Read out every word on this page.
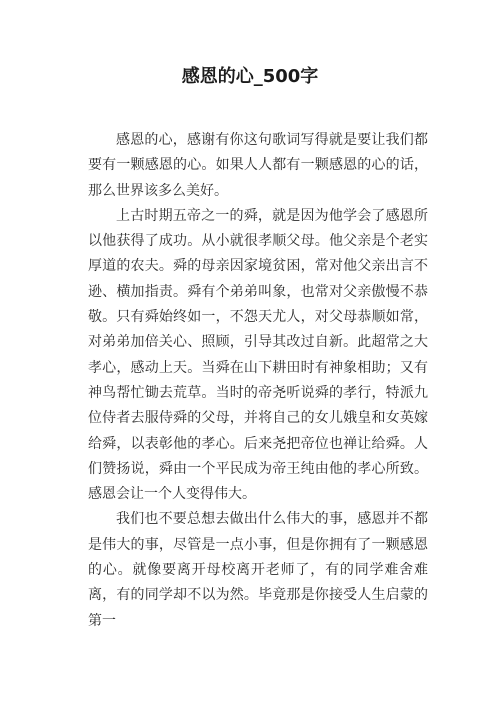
感恩的心_500字

感恩的心，感谢有你这句歌词写得就是要让我们都要有一颗感恩的心。如果人人都有一颗感恩的心的话，那么世界该多么美好。

上古时期五帝之一的舜，就是因为他学会了感恩所以他获得了成功。从小就很孝顺父母。他父亲是个老实厚道的农夫。舜的母亲因家境贫困，常对他父亲出言不逊、横加指责。舜有个弟弟叫象，也常对父亲傲慢不恭敬。只有舜始终如一，不怨天尤人，对父母恭顺如常，对弟弟加倍关心、照顾，引导其改过自新。此超常之大孝心，感动上天。当舜在山下耕田时有神象相助；又有神鸟帮忙锄去荒草。当时的帝尧听说舜的孝行，特派九位侍者去服侍舜的父母，并将自己的女儿娥皇和女英嫁给舜，以表彰他的孝心。后来尧把帝位也禅让给舜。人们赞扬说，舜由一个平民成为帝王纯由他的孝心所致。感恩会让一个人变得伟大。

我们也不要总想去做出什么伟大的事，感恩并不都是伟大的事，尽管是一点小事，但是你拥有了一颗感恩的心。就像要离开母校离开老师了，有的同学难舍难离，有的同学却不以为然。毕竟那是你接受人生启蒙的第一
